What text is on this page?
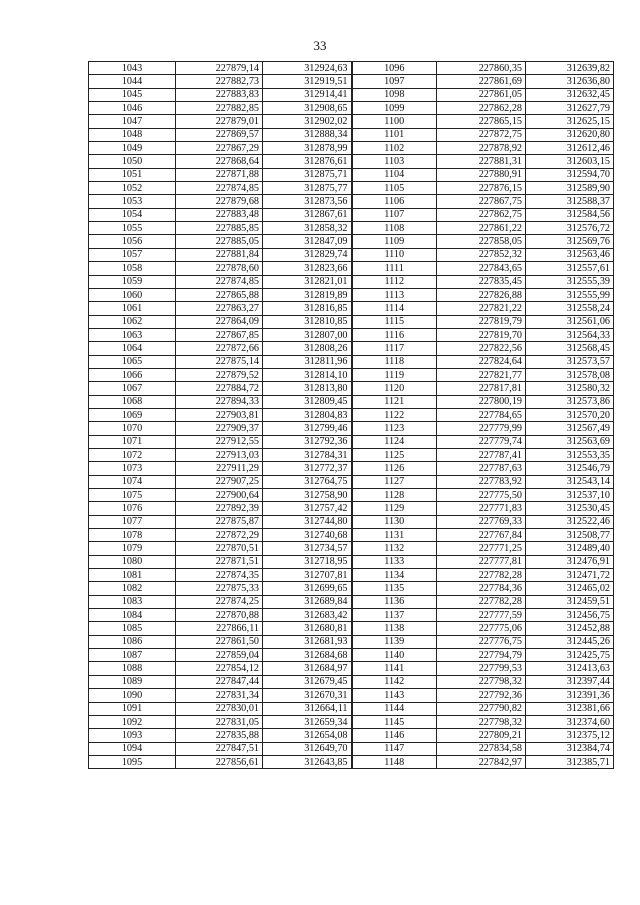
33
1043	227879,14	312924,63	1096	227860,35	312639,82
1044	227882,73	312919,51	1097	227861,69	312636,80
1045	227883,83	312914,41	1098	227861,05	312632,45
1046	227882,85	312908,65	1099	227862,28	312627,79
1047	227879,01	312902,02	1100	227865,15	312625,15
1048	227869,57	312888,34	1101	227872,75	312620,80
1049	227867,29	312878,99	1102	227878,92	312612,46
1050	227868,64	312876,61	1103	227881,31	312603,15
1051	227871,88	312875,71	1104	227880,91	312594,70
1052	227874,85	312875,77	1105	227876,15	312589,90
1053	227879,68	312873,56	1106	227867,75	312588,37
1054	227883,48	312867,61	1107	227862,75	312584,56
1055	227885,85	312858,32	1108	227861,22	312576,72
1056	227885,05	312847,09	1109	227858,05	312569,76
1057	227881,84	312829,74	1110	227852,32	312563,46
1058	227878,60	312823,66	1111	227843,65	312557,61
1059	227874,85	312821,01	1112	227835,45	312555,39
1060	227865,88	312819,89	1113	227826,88	312555,99
1061	227863,27	312816,85	1114	227821,22	312558,24
1062	227864,09	312810,85	1115	227819,79	312561,06
1063	227867,85	312807,00	1116	227819,70	312564,33
1064	227872,66	312808,26	1117	227822,56	312568,45
1065	227875,14	312811,96	1118	227824,64	312573,57
1066	227879,52	312814,10	1119	227821,77	312578,08
1067	227884,72	312813,80	1120	227817,81	312580,32
1068	227894,33	312809,45	1121	227800,19	312573,86
1069	227903,81	312804,83	1122	227784,65	312570,20
1070	227909,37	312799,46	1123	227779,99	312567,49
1071	227912,55	312792,36	1124	227779,74	312563,69
1072	227913,03	312784,31	1125	227787,41	312553,35
1073	227911,29	312772,37	1126	227787,63	312546,79
1074	227907,25	312764,75	1127	227783,92	312543,14
1075	227900,64	312758,90	1128	227775,50	312537,10
1076	227892,39	312757,42	1129	227771,83	312530,45
1077	227875,87	312744,80	1130	227769,33	312522,46
1078	227872,29	312740,68	1131	227767,84	312508,77
1079	227870,51	312734,57	1132	227771,25	312489,40
1080	227871,51	312718,95	1133	227777,81	312476,91
1081	227874,35	312707,81	1134	227782,28	312471,72
1082	227875,33	312699,65	1135	227784,36	312465,02
1083	227874,25	312689,84	1136	227782,28	312459,51
1084	227870,88	312683,42	1137	227777,59	312456,75
1085	227866,11	312680,81	1138	227775,06	312452,88
1086	227861,50	312681,93	1139	227776,75	312445,26
1087	227859,04	312684,68	1140	227794,79	312425,75
1088	227854,12	312684,97	1141	227799,53	312413,63
1089	227847,44	312679,45	1142	227798,32	312397,44
1090	227831,34	312670,31	1143	227792,36	312391,36
1091	227830,01	312664,11	1144	227790,82	312381,66
1092	227831,05	312659,34	1145	227798,32	312374,60
1093	227835,88	312654,08	1146	227809,21	312375,12
1094	227847,51	312649,70	1147	227834,58	312384,74
1095	227856,61	312643,85	1148	227842,97	312385,71
